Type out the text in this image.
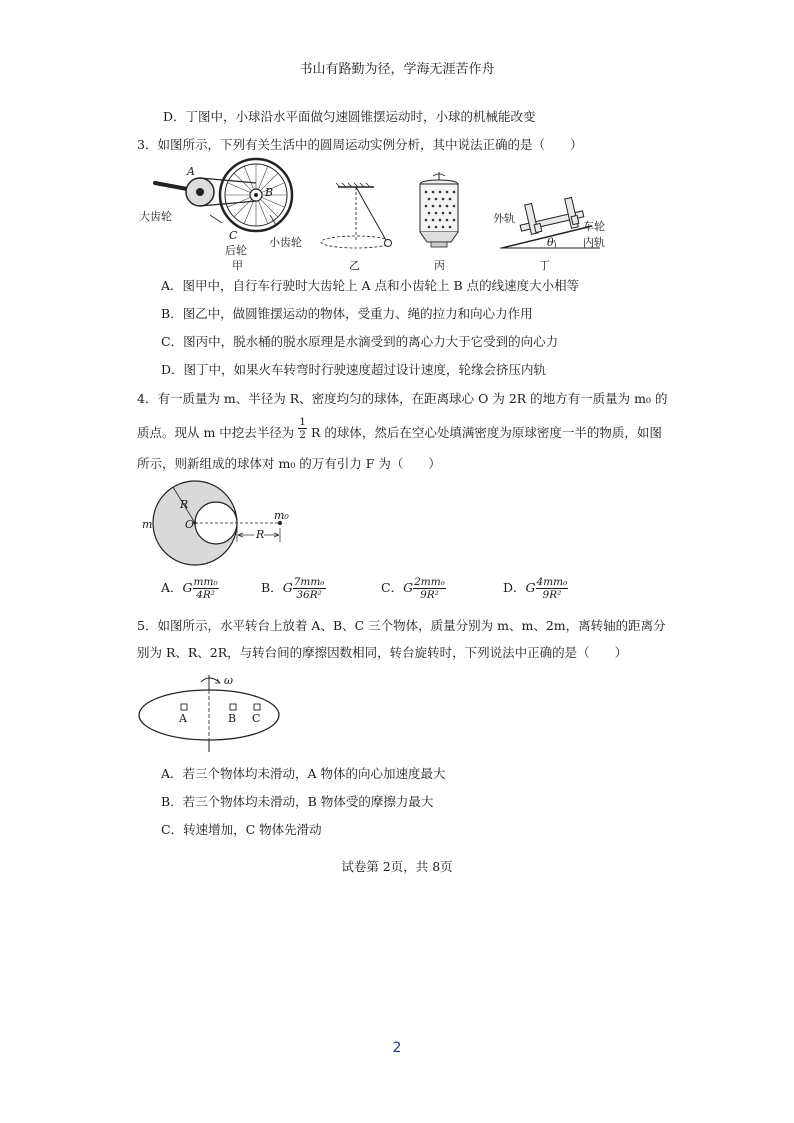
书山有路勤为径，学海无涯苦作舟
D．丁图中，小球沿水平面做匀速圆锥摆运动时，小球的机械能改变
3．如图所示，下列有关生活中的圆周运动实例分析，其中说法正确的是（　　）
A
B
C
大齿轮
后轮
小齿轮
甲	乙	丙
外轨
车轮
内轨
θ
丁
A．图甲中，自行车行驶时大齿轮上 A 点和小齿轮上 B 点的线速度大小相等
B．图乙中，做圆锥摆运动的物体，受重力、绳的拉力和向心力作用
C．图丙中，脱水桶的脱水原理是水滴受到的离心力大于它受到的向心力
D．图丁中，如果火车转弯时行驶速度超过设计速度，轮缘会挤压内轨
4．有一质量为 m、半径为 R、密度均匀的球体，在距离球心 O 为 2R 的地方有一质量为 m₀ 的
质点。现从 m 中挖去半径为 $\frac{1}{2}$ R 的球体，然后在空心处填满密度为原球密度一半的物质，如图
所示，则新组成的球体对 m₀ 的万有引力 F 为（　　）
m
R
O
m₀
R
A．G $\frac{\text{mm₀}}{\text{4R²}}$	B．G $\frac{\text{7mm₀}}{\text{36R²}}$	C．G $\frac{\text{2mm₀}}{\text{9R²}}$	D．G $\frac{\text{4mm₀}}{\text{9R²}}$
5．如图所示，水平转台上放着 A、B、C 三个物体，质量分别为 m、m、2m，离转轴的距离分
别为 R、R、2R，与转台间的摩擦因数相同，转台旋转时，下列说法中正确的是（　　）
ω
A	B C
A．若三个物体均未滑动，A 物体的向心加速度最大
B．若三个物体均未滑动，B 物体受的摩擦力最大
C．转速增加，C 物体先滑动
试卷第 2页，共 8页
2
